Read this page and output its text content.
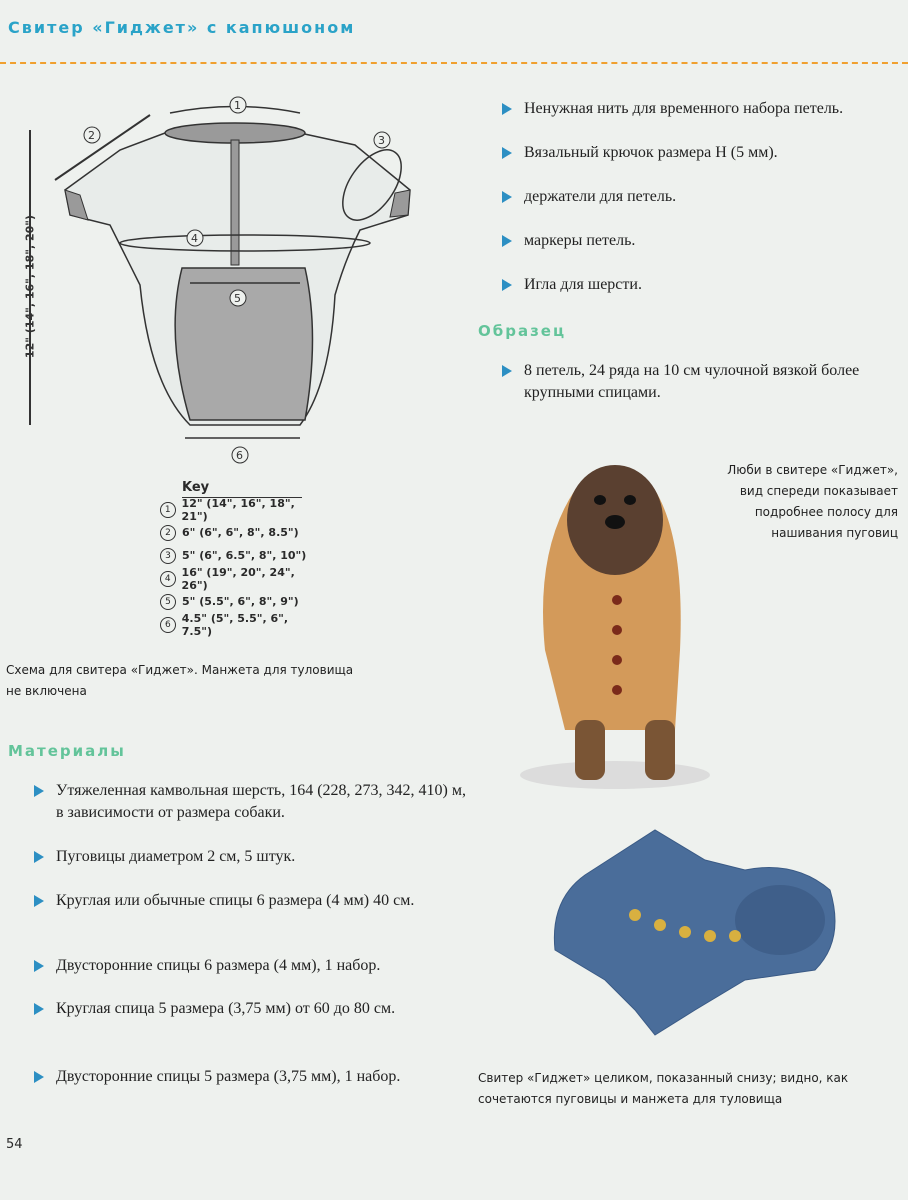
Свитер «Гиджет» с капюшоном
1
2	3
4
5
6
12" (14", 16", 18", 20")
Key
1 12" (14", 16", 18", 21")
2	6" (6", 6", 8", 8.5")
3	5" (6", 6.5", 8", 10")
4 16" (19", 20", 24", 26")
5	5" (5.5", 6", 8", 9")
6	4.5" (5", 5.5", 6", 7.5")
Схема для свитера «Гиджет». Манжета для туловища не включена
Материалы
Утяжеленная камвольная шерсть, 164 (228, 273, 342, 410) м, в зависимости от размера собаки.
Пуговицы диаметром 2 см, 5 штук.
Круглая или обычные спицы 6 размера (4 мм) 40 см.
Двусторонние спицы 6 размера (4 мм), 1 набор.
Круглая спица 5 размера (3,75 мм) от 60 до 80 см.
Двусторонние спицы 5 размера (3,75 мм), 1 набор.
Ненужная нить для временного набора петель.
Вязальный крючок размера H (5 мм).
держатели для петель.
маркеры петель.
Игла для шерсти.
Образец
8 петель, 24 ряда на 10 см чулочной вязкой более крупными спицами.
Люби в свитере «Гиджет», вид спереди показывает подробнее полосу для нашивания пуговиц
Свитер «Гиджет» целиком, показанный снизу; видно, как сочетаются пуговицы и манжета для туловища
54
